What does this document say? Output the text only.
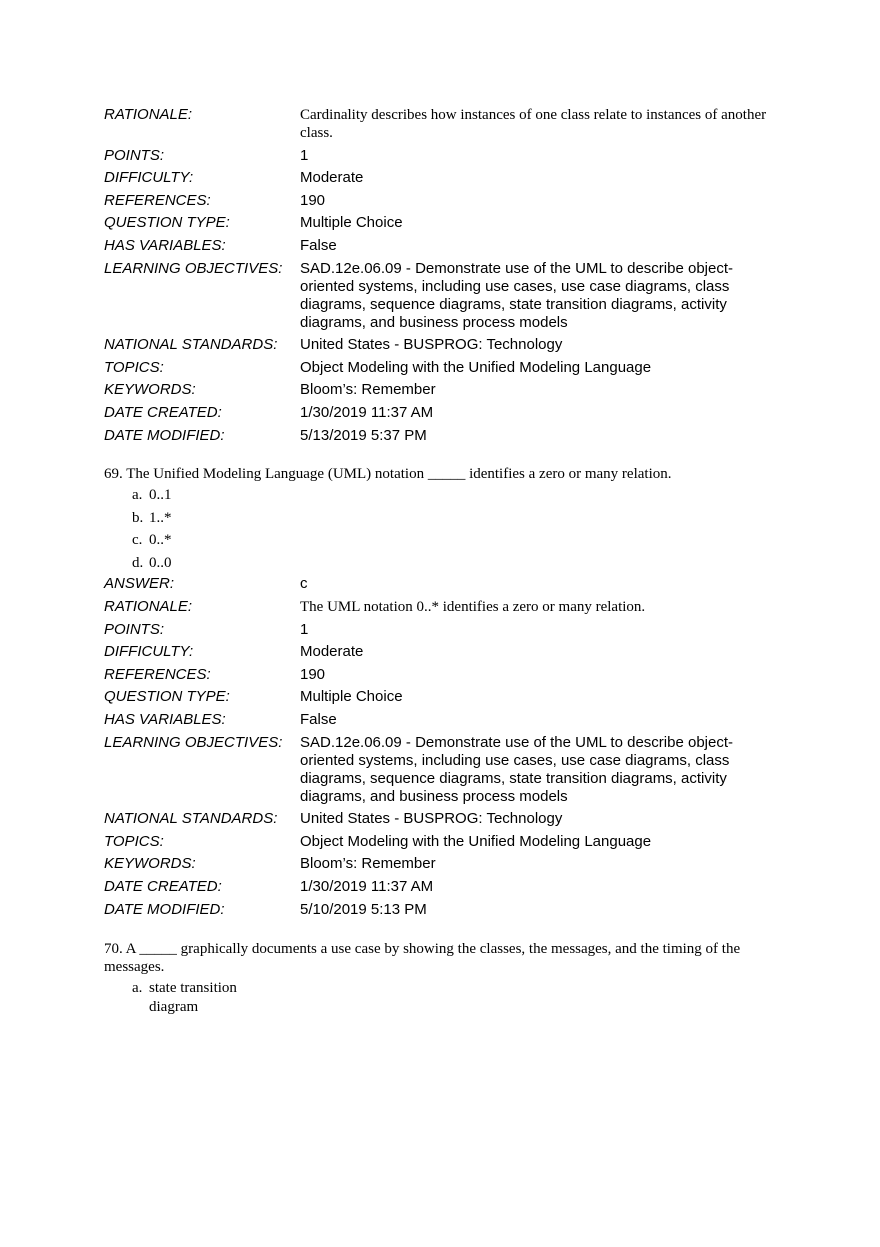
RATIONALE:	Cardinality describes how instances of one class relate to instances of another class.
POINTS:	1
DIFFICULTY:	Moderate
REFERENCES:	190
QUESTION TYPE:	Multiple Choice
HAS VARIABLES:	False
LEARNING OBJECTIVES:	SAD.12e.06.09 - Demonstrate use of the UML to describe object-oriented systems, including use cases, use case diagrams, class diagrams, sequence diagrams, state transition diagrams, activity diagrams, and business process models
NATIONAL STANDARDS:	United States - BUSPROG: Technology
TOPICS:	Object Modeling with the Unified Modeling Language
KEYWORDS:	Bloom’s: Remember
DATE CREATED:	1/30/2019 11:37 AM
DATE MODIFIED:	5/13/2019 5:37 PM
69. The Unified Modeling Language (UML) notation _____ identifies a zero or many relation.
a. 0..1
b. 1..*
c. 0..*
d. 0..0
ANSWER:	c
RATIONALE:	The UML notation 0..* identifies a zero or many relation.
POINTS:	1
DIFFICULTY:	Moderate
REFERENCES:	190
QUESTION TYPE:	Multiple Choice
HAS VARIABLES:	False
LEARNING OBJECTIVES:	SAD.12e.06.09 - Demonstrate use of the UML to describe object-oriented systems, including use cases, use case diagrams, class diagrams, sequence diagrams, state transition diagrams, activity diagrams, and business process models
NATIONAL STANDARDS:	United States - BUSPROG: Technology
TOPICS:	Object Modeling with the Unified Modeling Language
KEYWORDS:	Bloom’s: Remember
DATE CREATED:	1/30/2019 11:37 AM
DATE MODIFIED:	5/10/2019 5:13 PM
70. A _____ graphically documents a use case by showing the classes, the messages, and the timing of the messages.
a. state transition diagram
